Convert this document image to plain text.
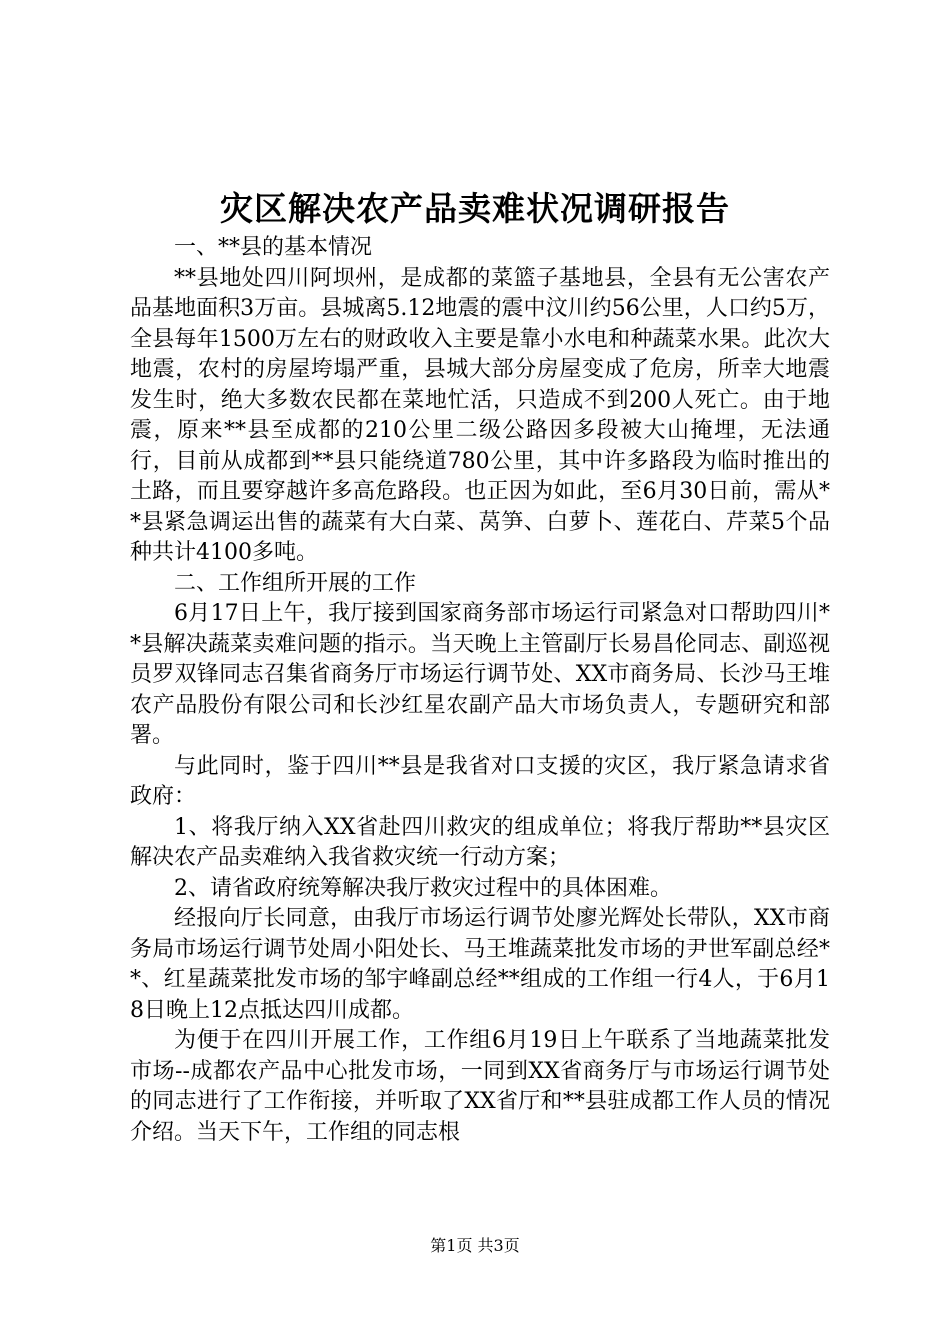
灾区解决农产品卖难状况调研报告

一、**县的基本情况

**县地处四川阿坝州，是成都的菜篮子基地县，全县有无公害农产品基地面积3万亩。县城离5.12地震的震中汶川约56公里，人口约5万，全县每年1500万左右的财政收入主要是靠小水电和种蔬菜水果。此次大地震，农村的房屋垮塌严重，县城大部分房屋变成了危房，所幸大地震发生时，绝大多数农民都在菜地忙活，只造成不到200人死亡。由于地震，原来**县至成都的210公里二级公路因多段被大山掩埋，无法通行，目前从成都到**县只能绕道780公里，其中许多路段为临时推出的土路，而且要穿越许多高危路段。也正因为如此，至6月30日前，需从**县紧急调运出售的蔬菜有大白菜、莴笋、白萝卜、莲花白、芹菜5个品种共计4100多吨。

二、工作组所开展的工作

6月17日上午，我厅接到国家商务部市场运行司紧急对口帮助四川**县解决蔬菜卖难问题的指示。当天晚上主管副厅长易昌伦同志、副巡视员罗双锋同志召集省商务厅市场运行调节处、XX市商务局、长沙马王堆农产品股份有限公司和长沙红星农副产品大市场负责人，专题研究和部署。

与此同时，鉴于四川**县是我省对口支援的灾区，我厅紧急请求省政府：

1、将我厅纳入XX省赴四川救灾的组成单位；将我厅帮助**县灾区解决农产品卖难纳入我省救灾统一行动方案；

2、请省政府统筹解决我厅救灾过程中的具体困难。

经报向厅长同意，由我厅市场运行调节处廖光辉处长带队，XX市商务局市场运行调节处周小阳处长、马王堆蔬菜批发市场的尹世军副总经**、红星蔬菜批发市场的邹宇峰副总经**组成的工作组一行4人，于6月18日晚上12点抵达四川成都。

为便于在四川开展工作，工作组6月19日上午联系了当地蔬菜批发市场--成都农产品中心批发市场，一同到XX省商务厅与市场运行调节处的同志进行了工作衔接，并听取了XX省厅和**县驻成都工作人员的情况介绍。当天下午，工作组的同志根

第1页 共3页
